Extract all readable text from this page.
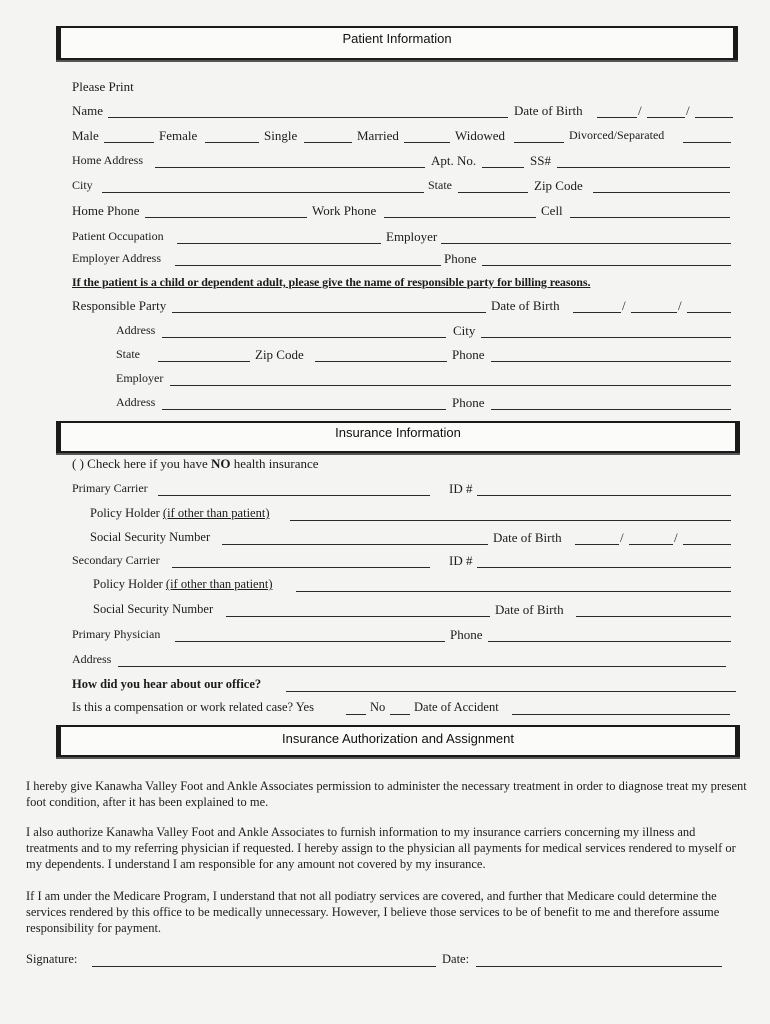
Patient Information
Please Print
Name	Date of Birth	/	/
Male	Female	Single	Married	Widowed	Divorced/Separated
Home Address	Apt. No.	SS#
City	State	Zip Code
Home Phone	Work Phone	Cell
Patient Occupation	Employer
Employer Address	Phone
If the patient is a child or dependent adult, please give the name of responsible party for billing reasons.
Responsible Party	Date of Birth	/	/
Address	City
State	Zip Code	Phone
Employer
Address	Phone
Insurance Information
( ) Check here if you have NO health insurance
Primary Carrier	ID #
Policy Holder (if other than patient)
Social Security Number	Date of Birth	/	/
Secondary Carrier	ID #
Policy Holder (if other than patient)
Social Security Number	Date of Birth
Primary Physician	Phone
Address
How did you hear about our office?
Is this a compensation or work related case? Yes	No Date of Accident
Insurance Authorization and Assignment
I hereby give Kanawha Valley Foot and Ankle Associates permission to administer the necessary treatment in order to diagnose treat my present foot condition, after it has been explained to me.
I also authorize Kanawha Valley Foot and Ankle Associates to furnish information to my insurance carriers concerning my illness and treatments and to my referring physician if requested. I hereby assign to the physician all payments for medical services rendered to myself or my dependents. I understand I am responsible for any amount not covered by my insurance.
If I am under the Medicare Program, I understand that not all podiatry services are covered, and further that Medicare could determine the services rendered by this office to be medically unnecessary. However, I believe those services to be of benefit to me and therefore assume responsibility for payment.
Signature:	Date:
